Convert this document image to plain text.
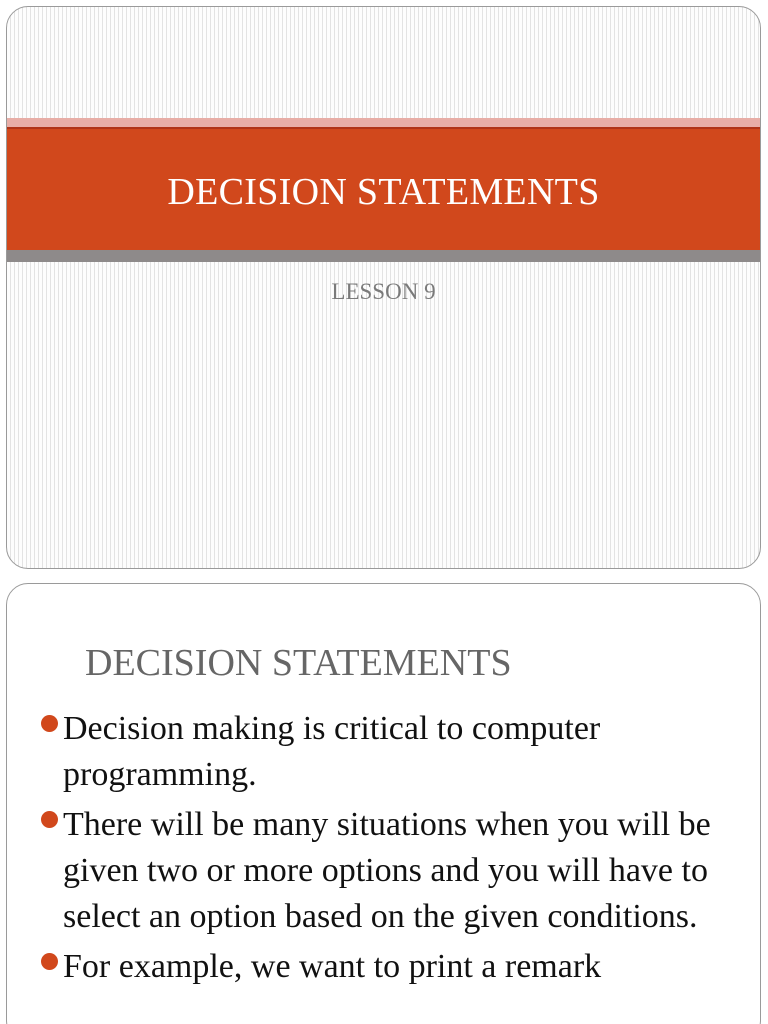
DECISION STATEMENTS
LESSON 9
DECISION STATEMENTS
Decision making is critical to computer programming.
There will be many situations when you will be given two or more options and you will have to select an option based on the given conditions.
For example, we want to print a remark
